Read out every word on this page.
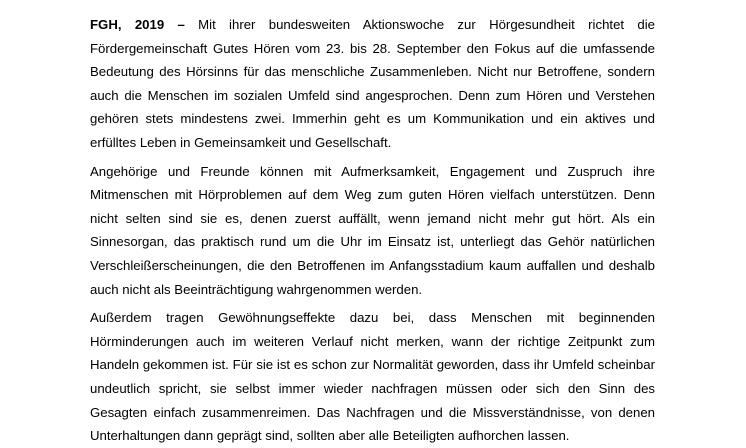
FGH, 2019 – Mit ihrer bundesweiten Aktionswoche zur Hörgesundheit richtet die Fördergemeinschaft Gutes Hören vom 23. bis 28. September den Fokus auf die umfassende Bedeutung des Hörsinns für das menschliche Zusammenleben. Nicht nur Betroffene, sondern auch die Menschen im sozialen Umfeld sind angesprochen. Denn zum Hören und Verstehen gehören stets mindestens zwei. Immerhin geht es um Kommunikation und ein aktives und erfülltes Leben in Gemeinsamkeit und Gesellschaft.

Angehörige und Freunde können mit Aufmerksamkeit, Engagement und Zuspruch ihre Mitmenschen mit Hörproblemen auf dem Weg zum guten Hören vielfach unterstützen. Denn nicht selten sind sie es, denen zuerst auffällt, wenn jemand nicht mehr gut hört. Als ein Sinnesorgan, das praktisch rund um die Uhr im Einsatz ist, unterliegt das Gehör natürlichen Verschleißerscheinungen, die den Betroffenen im Anfangsstadium kaum auffallen und deshalb auch nicht als Beeinträchtigung wahrgenommen werden.

Außerdem tragen Gewöhnungseffekte dazu bei, dass Menschen mit beginnenden Hörminderungen auch im weiteren Verlauf nicht merken, wann der richtige Zeitpunkt zum Handeln gekommen ist. Für sie ist es schon zur Normalität geworden, dass ihr Umfeld scheinbar undeutlich spricht, sie selbst immer wieder nachfragen müssen oder sich den Sinn des Gesagten einfach zusammenreimen. Das Nachfragen und die Missverständnisse, von denen Unterhaltungen dann geprägt sind, sollten aber alle Beteiligten aufhorchen lassen.
